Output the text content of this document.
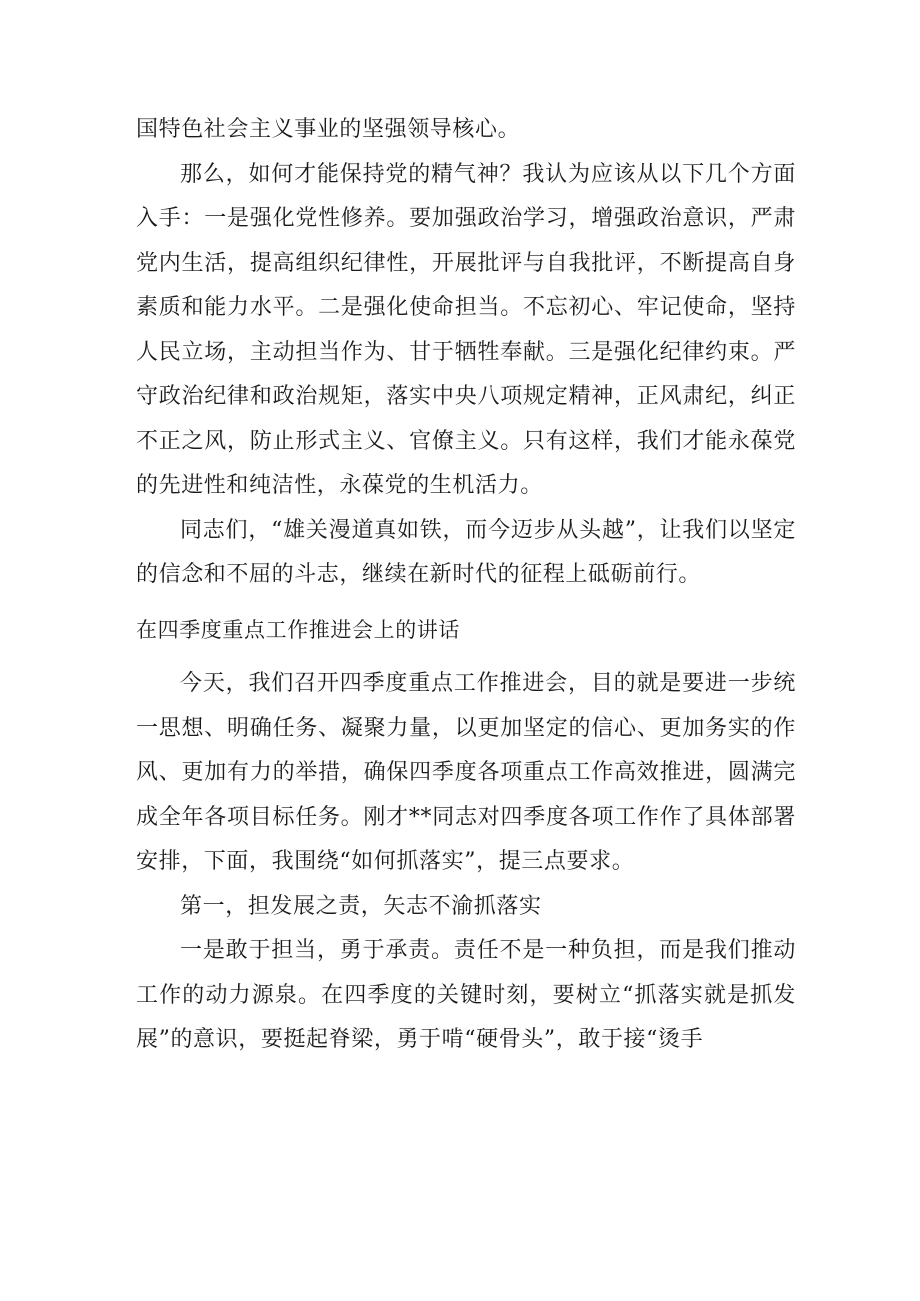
国特色社会主义事业的坚强领导核心。

那么，如何才能保持党的精气神？我认为应该从以下几个方面入手：一是强化党性修养。要加强政治学习，增强政治意识，严肃党内生活，提高组织纪律性，开展批评与自我批评，不断提高自身素质和能力水平。二是强化使命担当。不忘初心、牢记使命，坚持人民立场，主动担当作为、甘于牺牲奉献。三是强化纪律约束。严守政治纪律和政治规矩，落实中央八项规定精神，正风肃纪，纠正不正之风，防止形式主义、官僚主义。只有这样，我们才能永葆党的先进性和纯洁性，永葆党的生机活力。

同志们，“雄关漫道真如铁，而今迈步从头越”，让我们以坚定的信念和不屈的斗志，继续在新时代的征程上砥砺前行。

在四季度重点工作推进会上的讲话

今天，我们召开四季度重点工作推进会，目的就是要进一步统一思想、明确任务、凝聚力量，以更加坚定的信心、更加务实的作风、更加有力的举措，确保四季度各项重点工作高效推进，圆满完成全年各项目标任务。刚才**同志对四季度各项工作作了具体部署安排，下面，我围绕“如何抓落实”，提三点要求。

第一，担发展之责，矢志不渝抓落实

一是敢于担当，勇于承责。责任不是一种负担，而是我们推动工作的动力源泉。在四季度的关键时刻，要树立“抓落实就是抓发展”的意识，要挺起脊梁，勇于啃“硬骨头”，敢于接“烫手
